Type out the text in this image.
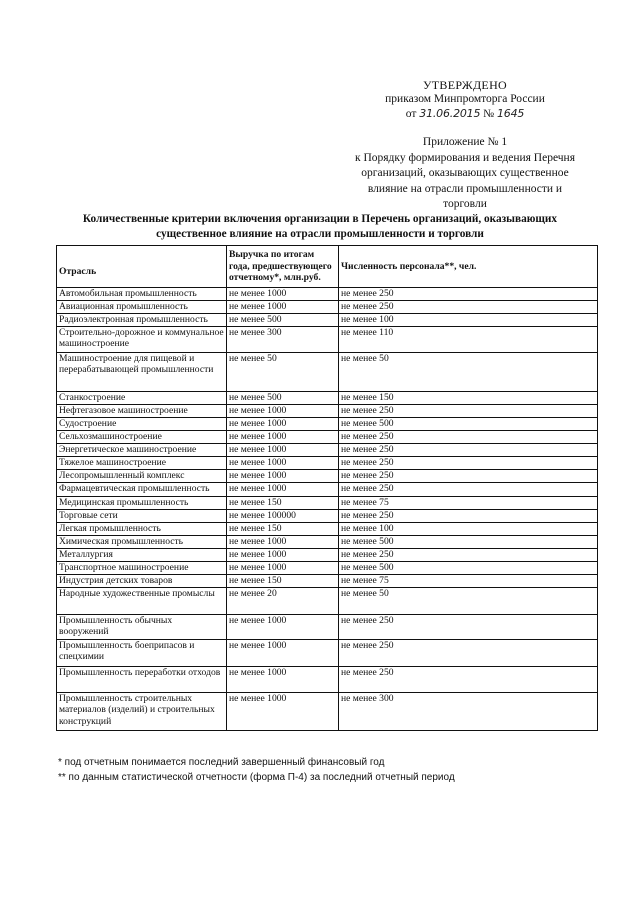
УТВЕРЖДЕНО
приказом Минпромторга России
от 31.06.2015 № 1645
Приложение № 1
к Порядку формирования и ведения Перечня
организаций, оказывающих существенное
влияние на отрасли промышленности и
торговли
Количественные критерии включения организации в Перечень организаций, оказывающих
существенное влияние на отрасли промышленности и торговли
Отрасль	Выручка по итогам года, предшествующего отчетному*, млн.руб.	Численность персонала**, чел.
Автомобильная промышленность	не менее 1000	не менее 250
Авиационная промышленность	не менее 1000	не менее 250
Радиоэлектронная промышленность	не менее 500	не менее 100
Строительно-дорожное и коммунальное машиностроение	не менее 300	не менее 110
Машиностроение для пищевой и перерабатывающей промышленности	не менее 50	не менее 50
Станкостроение	не менее 500	не менее 150
Нефтегазовое машиностроение	не менее 1000	не менее 250
Судостроение	не менее 1000	не менее 500
Сельхозмашиностроение	не менее 1000	не менее 250
Энергетическое машиностроение	не менее 1000	не менее 250
Тяжелое машиностроение	не менее 1000	не менее 250
Лесопромышленный комплекс	не менее 1000	не менее 250
Фармацевтическая промышленность	не менее 1000	не менее 250
Медицинская промышленность	не менее 150	не менее 75
Торговые сети	не менее 100000	не менее 250
Легкая промышленность	не менее 150	не менее 100
Химическая промышленность	не менее 1000	не менее 500
Металлургия	не менее 1000	не менее 250
Транспортное машиностроение	не менее 1000	не менее 500
Индустрия детских товаров	не менее 150	не менее 75
Народные художественные промыслы	не менее 20	не менее 50
Промышленность обычных вооружений	не менее 1000	не менее 250
Промышленность боеприпасов и спецхимии	не менее 1000	не менее 250
Промышленность переработки отходов	не менее 1000	не менее 250
Промышленность строительных материалов (изделий) и строительных конструкций	не менее 1000	не менее 300
* под отчетным понимается последний завершенный финансовый год
** по данным статистической отчетности (форма П-4) за последний отчетный период
